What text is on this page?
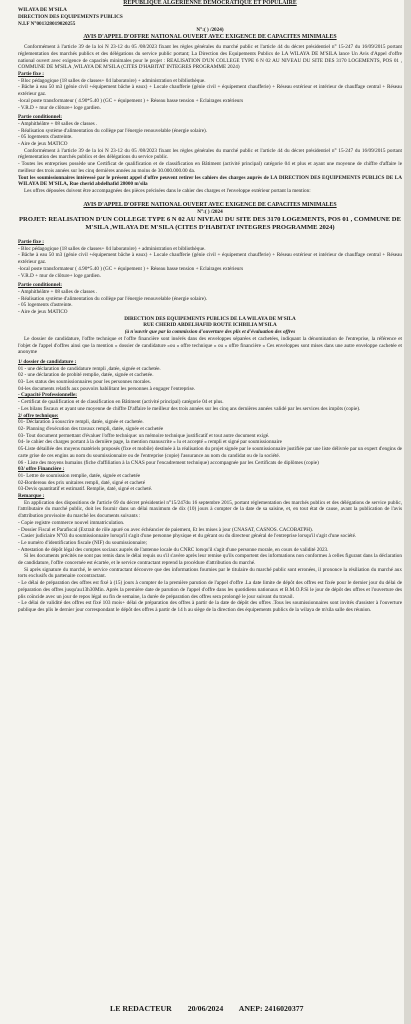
REPUBLIQUE ALGERIENNE DEMOCRATIQUE ET POPULAIRE

WILAYA DE M'SILA

DIRECTION DES EQUIPEMENTS PUBLICS

N.I.F N°001328019020255

N°:( ) /2024)

AVIS D'APPEL D'OFFRE NATIONAL OUVERT AVEC EXIGENCE DE CAPACITES MINIMALES

Conformément à l'article 39 de la loi N 23-12 du 05 /08/2023 fixant les règles générales du marché public et l'article 44 du décret présidentiel n° 15-247 du 16/09/2015 portant réglementation des marchés publics et des délégations du service public portant; La Direction des Equipements Publics de LA WILAYA DE M'SILA lance Un Avis d'Appel d'offre national ouvert avec exigence de capacités minimales pour le projet : REALISATION D'UN COLLEGE TYPE 6 N 02 AU NIVEAU DU SITE DES 3170 LOGEMENTS, POS 01 , COMMUNE DE M'SILA ,WILAYA DE M'SILA (CITES D'HABITAT INTEGRES PROGRAMME 2024)

Partie fixe :

- Bloc pédagogique (18 salles de classes+ 04 laboratoire) + administration et bibliothèque.

- Bâche à eau 50 m3 (génie civil +équipement bâche à eaux) + Locale chaufferie (génie civil + équipement chaufferie) + Réseau extérieur et intérieur de chauffage central + Réseau extérieur gaz.

-local poste transformateur ( 4.90*5.40 ) (GC + équipement ) + Réseau basse tension + Eclairages extérieurs

- V.R.D + mur de clôture+ loge gardien.

Partie conditionnel:

- Amphithéâtre + 08 salles de classes .

- Réalisation système d'alimentation du collège par l'énergie renouvelable (énergie solaire).

- 05 logements d'astreinte.

- Aire de jeux MATICO

Conformément à l'article 39 de la loi N 23-12 du 05 /08/2023 fixant les règles générales du marché public et l'article 44 du décret présidentiel n° 15-247 du 16/09/2015 portant réglementation des marchés publics et des délégations du service public.

- Toutes les entreprises possède une Certificat de qualification et de classification en Bâtiment (activité principal) catégorie 04 et plus et ayant une moyenne de chiffre d'affaire le meilleur des trois années sur les cinq dernières années au moins de 30.000.000.00 da.

Tout les soumissionnaires intéressé par le présent appel d'offre peuvent retirer les cahiers des charges auprès de LA DIRECTION DES EQUIPEMENTS PUBLICS DE LA WILAYA DE M'SILA, Rue cherid abdelhafid 28000 m'sila

Les offres déposées doivent être accompagnées des pièces précisées dans le cahier des charges et l'enveloppe extérieur portant la mention:

AVIS D'APPEL D'OFFRE NATIONAL OUVERT AVEC EXIGENCE DE CAPACITES MINIMALES

N°:( ) /2024

PROJET: REALISATION D'UN COLLEGE TYPE 6 N 02 AU NIVEAU DU SITE DES 3170 LOGEMENTS, POS 01 , COMMUNE DE M'SILA ,WILAYA DE M'SILA (CITES D'HABITAT INTEGRES PROGRAMME 2024)

Partie fixe :

- Bloc pédagogique (18 salles de classes+ 04 laboratoire) + administration et bibliothèque.

- Bâche à eau 50 m3 (génie civil +équipement bâche à eaux) + Locale chaufferie (génie civil + équipement chaufferie) + Réseau extérieur et intérieur de chauffage central + Réseau extérieur gaz.

-local poste transformateur ( 4.90*5.40 ) (GC + équipement ) + Réseau basse tension + Eclairages extérieurs

- V.R.D + mur de clôture+ loge gardien.

Partie conditionnel:

- Amphithéâtre + 08 salles de classes .

- Réalisation système d'alimentation du collège par l'énergie renouvelable (énergie solaire).

- 05 logements d'astreinte.

- Aire de jeux MATICO

DIRECTION DES EQUIPEMENTS PUBLICS DE LA WILAYA DE M'SILA

RUE CHERID ABDELHAFID ROUTE ICHBILIA M'SILA

(à n'ouvrir que par la commission d'ouverture des plis et d'évaluation des offres

Le dossier de candidature, l'offre technique et l'offre financière sont insérés dans des enveloppes séparées et cachetées, indiquant la dénomination de l'entreprise, la référence et l'objet de l'appel d'offres ainsi que la mention « dossier de candidature »ou « offre technique » ou « offre financière » Ces enveloppes sont mises dans une autre enveloppe cachetée et anonyme

1/ dossier de candidature :

01 - une déclaration de candidature rempli ,datée, signée et cachetée.

02 - une déclaration de probité remplie, datée, signée et cachetée.

03- Les status des soumissionnaires pour les personnes morales.

04-les documents relatifs aux pouvoirs habilitant les personnes à engager l'entreprise.

- Capacité Professionnelle:

- Certificat de qualification et de classification en Bâtiment (activité principal) catégorie 04 et plus.

- Les bilans fiscaux et ayant une moyenne de chiffre D'affaire le meilleur des trois années sur les cinq ans dernières années validé par les services des impôts (copie).

2/ offre technique:

01- Déclaration à souscrire rempli, datée, signée et cachetée.

02- Planning d'exécution des travaux rempli, datée, signée et cachetée

03- Tout document permettant d'évaluer l'offre technique: un mémoire technique justificatif et tout autre document exigé.

04- le cahier des charges portant à la dernière page, la mention manuscrite « lu et accepté » rempli et signé par soumissionnaire

05-Liste détaillée des moyens matériels proposés (fixe et mobile) destinée à la réalisation du projet signée par le soumissionnaire justifiée par une liste délivrée par un expert d'engins de carte grise de ces engins au nom du soumissionnaire ou de l'entreprise (copie) l'assurance au nom du candidat ou de la société.

06 - Liste des moyens humains (fiche d'affiliation à la CNAS pour l'encadrement technique) accompagnée par les Certificats de diplômes (copie)

03/ offre Financière :

01- Lettre de soumission remplie, datée, signée et cachetée

02-Bordereau des prix unitaires rempli, daté, signé et cacheté

03-Devis quantitatif et estimatif. Remplie, daté, signé et cacheté.

Remarque :

En application des dispositions de l'article 69 du décret présidentiel n°15/247du 16 septembre 2015, portant réglementation des marchés publics et des délégations de service public, l'attributaire du marché public, doit les fournir dans un délai maximum de dix (10) jours à compter de la date de sa saisine, et, en tout état de cause, avant la publication de l'avis d'attribution provisoire du marché les documents suivants :

- Copie registre commerce nouvel immatriculation.

- Dossier Fiscal et Parafiscal (Extrait de rôle apuré ou avec échéancier de paiement, Et les mises à jour (CNASAT, CASNOS. CACOBATPH).

- Casier judiciaire N°03 du soumissionnaire lorsqu'il s'agit d'une personne physique et du gérant ou du directeur général de l'entreprise lorsqu'il s'agit d'une société.

- Le numéro d'identification fiscale (NIF) du soumissionnaire;

- Attestation de dépôt légal des comptes sociaux auprès de l'antenne locale du CNRC lorsqu'il s'agit d'une personne morale, en cours de validité 2023.

Si les documents précités ne sont pas remis dans le délai requis ou s'il s'avère après leur remise qu'ils comportent des informations non conformes à celles figurant dans la déclaration de candidature, l'offre concernée est écartée, et le service contractant reprend la procédure d'attribution du marché.

Si après signature du marché, le service contractant découvre que des informations fournies par le titulaire du marché public sont erronées, il prononce la résiliation du marché aux torts exclusifs du partenaire cocontractant.

- Le délai de préparation des offres est fixé à (15) jours à compter de la première parution de l'appel d'offre .La date limite de dépôt des offres est fixée pour le dernier jour du délai de préparation des offres jusqu'au13h30Min. Après la première date de parution de l'appel d'offre dans les quotidiens nationaux et B.M.O.P.Si le jour de dépôt des offres et l'ouverture des plis coïncide avec un jour de repos légal ou fin de semaine, la durée de préparation des offres sera prolongé le jour suivant du travail.

- Le délai de validité des offres est fixé 103 mois+ délai de préparation des offres à partir de la date de dépôt des offres .Tous les soumissionnaires sont invités d'assister à l'ouverture publique des plis le dernier jour correspondant le dépôt des offres à partir de 14 h au siège de la direction des équipements publics de la wilaya de m'sila salle des réunion.

LE REDACTEUR 20/06/2024 ANEP: 2416020377
